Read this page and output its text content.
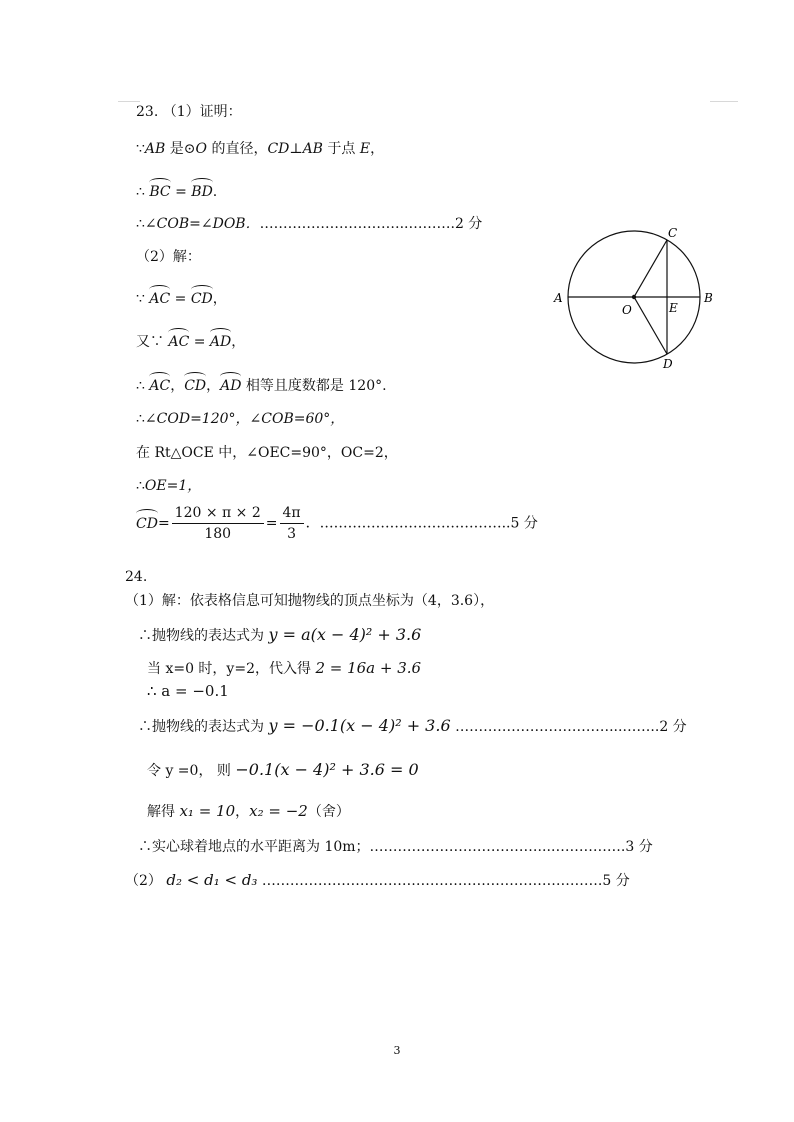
23. （1）证明：
∵AB 是⊙O 的直径，CD⊥AB 于点 E，
∴ BC = BD.
∴∠COB=∠DOB．…………………………..……….2 分
（2）解：
∵ AC = CD，
又∵ AC = AD，
∴ AC，CD，AD 相等且度数都是 120°.
∴∠COD=120°，∠COB=60°，
在 Rt△OCE 中，∠OEC=90°，OC=2，
∴OE=1，
$CD= \frac{120 \times \pi \times 2}{180} = \frac{4\pi}{3}$ ．…………………………………..5 分
A	B
C
D
E
O
24.
（1）解：依表格信息可知抛物线的顶点坐标为（4，3.6），
∴抛物线的表达式为 y = a(x − 4)² + 3.6
当 x=0 时，y=2，代入得 2 = 16a + 3.6
∴ a = −0.1
∴抛物线的表达式为 y = −0.1(x − 4)² + 3.6 ……………………………...……..2 分
令 y =0， 则 −0.1(x − 4)² + 3.6 = 0
解得 x₁ = 10，x₂ = −2（舍）
∴实心球着地点的水平距离为 10m；………………………………...…………….3 分
（2） d₂ < d₁ < d₃ ……………………………………………………………….5 分
3
